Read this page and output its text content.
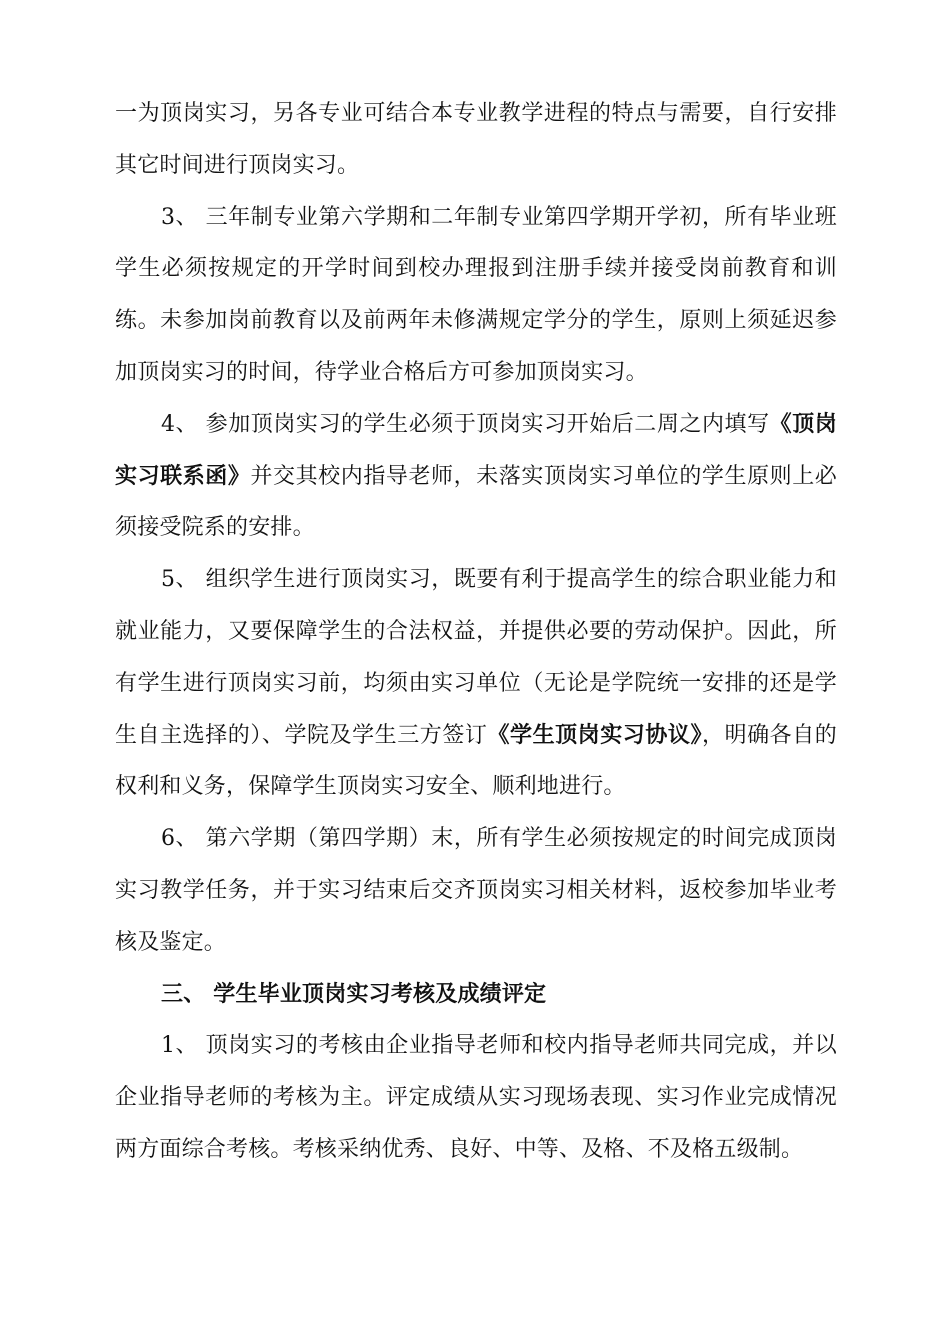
一为顶岗实习，另各专业可结合本专业教学进程的特点与需要，自行安排其它时间进行顶岗实习。

3、 三年制专业第六学期和二年制专业第四学期开学初，所有毕业班学生必须按规定的开学时间到校办理报到注册手续并接受岗前教育和训练。未参加岗前教育以及前两年未修满规定学分的学生，原则上须延迟参加顶岗实习的时间，待学业合格后方可参加顶岗实习。

4、 参加顶岗实习的学生必须于顶岗实习开始后二周之内填写《顶岗实习联系函》并交其校内指导老师，未落实顶岗实习单位的学生原则上必须接受院系的安排。

5、 组织学生进行顶岗实习，既要有利于提高学生的综合职业能力和就业能力，又要保障学生的合法权益，并提供必要的劳动保护。因此，所有学生进行顶岗实习前，均须由实习单位（无论是学院统一安排的还是学生自主选择的）、学院及学生三方签订《学生顶岗实习协议》，明确各自的权利和义务，保障学生顶岗实习安全、顺利地进行。

6、 第六学期（第四学期）末，所有学生必须按规定的时间完成顶岗实习教学任务，并于实习结束后交齐顶岗实习相关材料，返校参加毕业考核及鉴定。

三、 学生毕业顶岗实习考核及成绩评定

1、 顶岗实习的考核由企业指导老师和校内指导老师共同完成，并以企业指导老师的考核为主。评定成绩从实习现场表现、实习作业完成情况两方面综合考核。考核采纳优秀、良好、中等、及格、不及格五级制。
